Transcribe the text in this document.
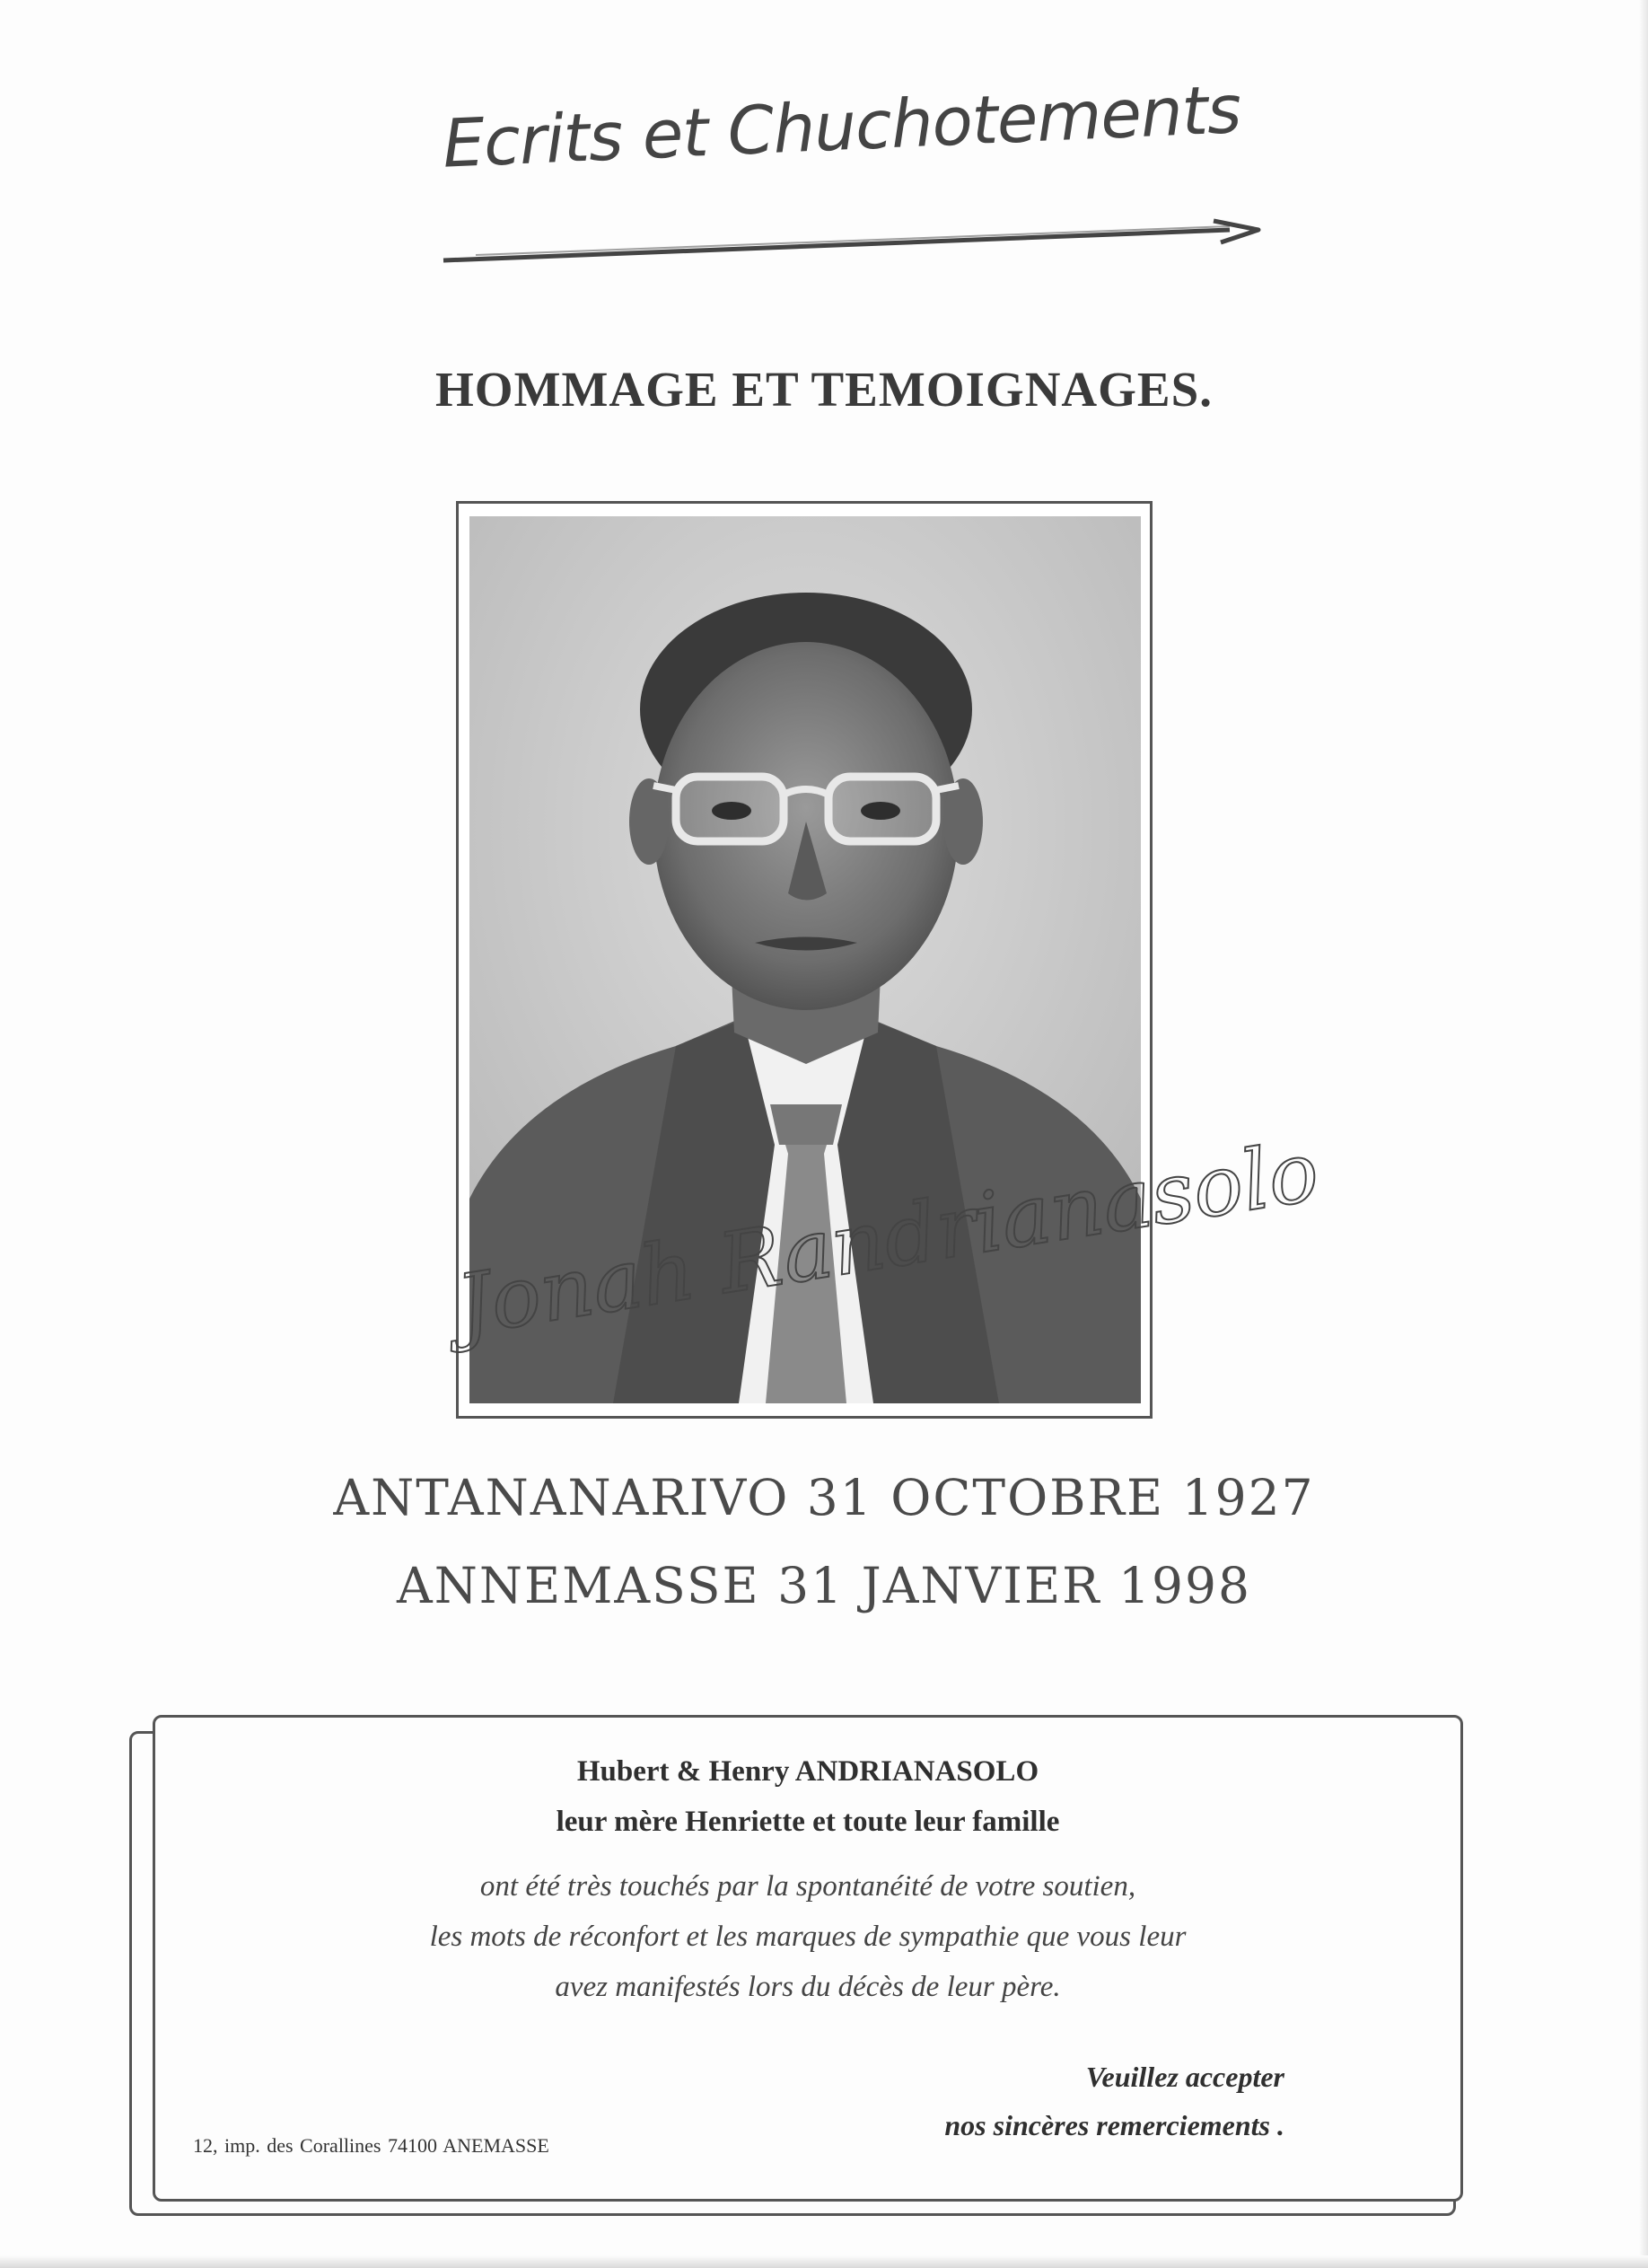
Ecrits et Chuchotements
HOMMAGE ET TEMOIGNAGES.
ANTANANARIVO 31 OCTOBRE 1927
ANNEMASSE 31 JANVIER 1998
Hubert & Henry ANDRIANASOLO
leur mère Henriette et toute leur famille
ont été très touchés par la spontanéité de votre soutien,
les mots de réconfort et les marques de sympathie que vous leur
avez manifestés lors du décès de leur père.
Veuillez accepter
nos sincères remerciements .
12, imp. des Corallines 74100 ANEMASSE
